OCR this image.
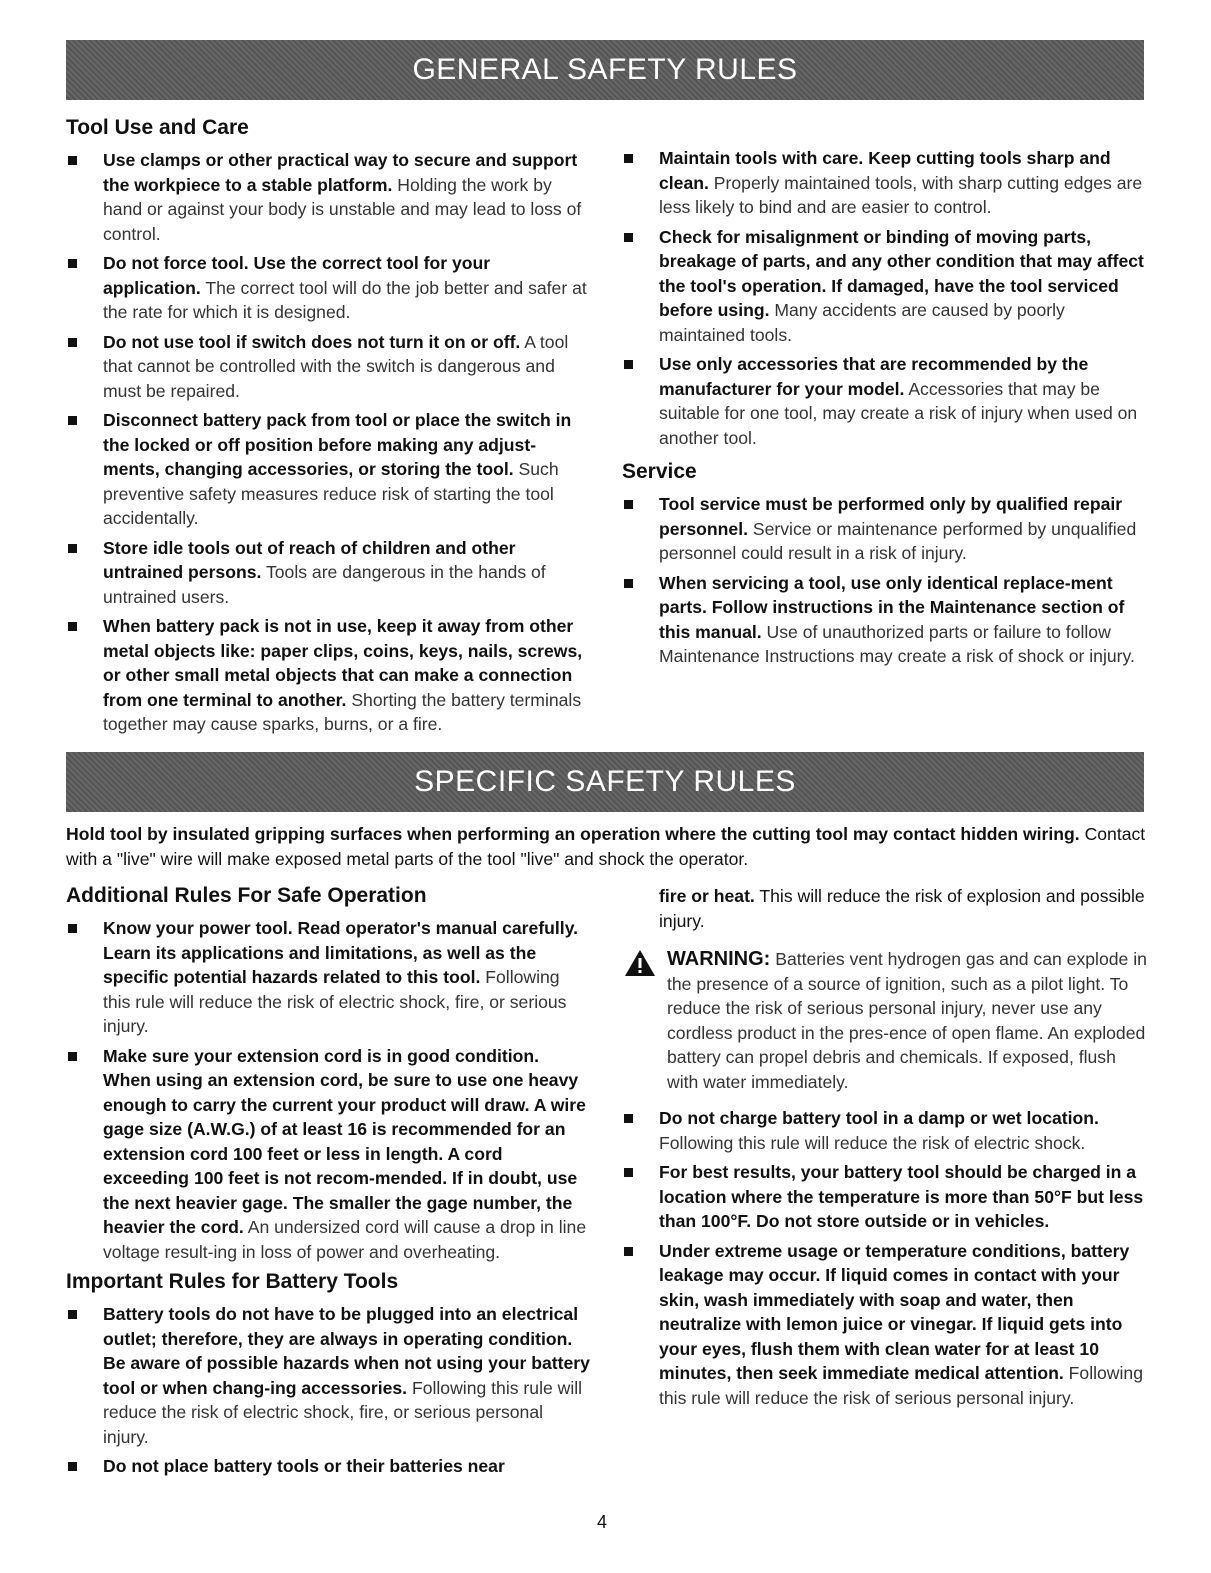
GENERAL SAFETY RULES
Tool Use and Care
Use clamps or other practical way to secure and support the workpiece to a stable platform. Holding the work by hand or against your body is unstable and may lead to loss of control.
Do not force tool. Use the correct tool for your application. The correct tool will do the job better and safer at the rate for which it is designed.
Do not use tool if switch does not turn it on or off. A tool that cannot be controlled with the switch is dangerous and must be repaired.
Disconnect battery pack from tool or place the switch in the locked or off position before making any adjust-ments, changing accessories, or storing the tool. Such preventive safety measures reduce risk of starting the tool accidentally.
Store idle tools out of reach of children and other untrained persons. Tools are dangerous in the hands of untrained users.
When battery pack is not in use, keep it away from other metal objects like: paper clips, coins, keys, nails, screws, or other small metal objects that can make a connection from one terminal to another. Shorting the battery terminals together may cause sparks, burns, or a fire.
Maintain tools with care. Keep cutting tools sharp and clean. Properly maintained tools, with sharp cutting edges are less likely to bind and are easier to control.
Check for misalignment or binding of moving parts, breakage of parts, and any other condition that may affect the tool's operation. If damaged, have the tool serviced before using. Many accidents are caused by poorly maintained tools.
Use only accessories that are recommended by the manufacturer for your model. Accessories that may be suitable for one tool, may create a risk of injury when used on another tool.
Service
Tool service must be performed only by qualified repair personnel. Service or maintenance performed by unqualified personnel could result in a risk of injury.
When servicing a tool, use only identical replace-ment parts. Follow instructions in the Maintenance section of this manual. Use of unauthorized parts or failure to follow Maintenance Instructions may create a risk of shock or injury.
SPECIFIC SAFETY RULES
Hold tool by insulated gripping surfaces when performing an operation where the cutting tool may contact hidden wiring. Contact with a "live" wire will make exposed metal parts of the tool "live" and shock the operator.
Additional Rules For Safe Operation
Know your power tool. Read operator's manual carefully. Learn its applications and limitations, as well as the specific potential hazards related to this tool. Following this rule will reduce the risk of electric shock, fire, or serious injury.
Make sure your extension cord is in good condition. When using an extension cord, be sure to use one heavy enough to carry the current your product will draw. A wire gage size (A.W.G.) of at least 16 is recommended for an extension cord 100 feet or less in length. A cord exceeding 100 feet is not recom-mended. If in doubt, use the next heavier gage. The smaller the gage number, the heavier the cord. An undersized cord will cause a drop in line voltage result-ing in loss of power and overheating.
Important Rules for Battery Tools
Battery tools do not have to be plugged into an electrical outlet; therefore, they are always in operating condition. Be aware of possible hazards when not using your battery tool or when chang-ing accessories. Following this rule will reduce the risk of electric shock, fire, or serious personal injury.
Do not place battery tools or their batteries near
fire or heat. This will reduce the risk of explosion and possible injury.
WARNING: Batteries vent hydrogen gas and can explode in the presence of a source of ignition, such as a pilot light. To reduce the risk of serious personal injury, never use any cordless product in the pres-ence of open flame. An exploded battery can propel debris and chemicals. If exposed, flush with water immediately.
Do not charge battery tool in a damp or wet location. Following this rule will reduce the risk of electric shock.
For best results, your battery tool should be charged in a location where the temperature is more than 50°F but less than 100°F. Do not store outside or in vehicles.
Under extreme usage or temperature conditions, battery leakage may occur. If liquid comes in contact with your skin, wash immediately with soap and water, then neutralize with lemon juice or vinegar. If liquid gets into your eyes, flush them with clean water for at least 10 minutes, then seek immediate medical attention. Following this rule will reduce the risk of serious personal injury.
4
